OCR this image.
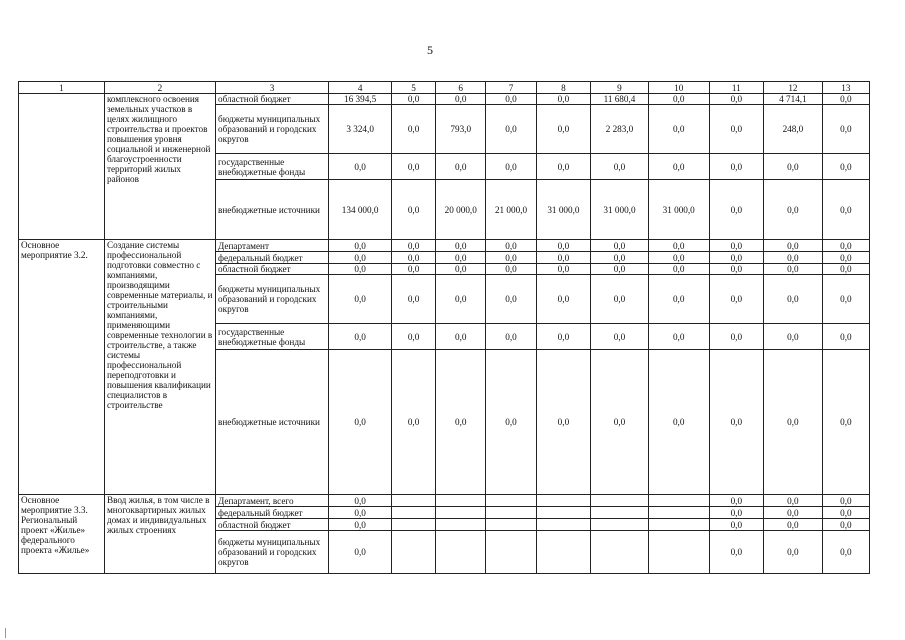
5
1	2	3	4	5	6	7	8	9	10	11	12	13
	комплексного освоения земельных участков в целях жилищного строительства и проектов повышения уровня социальной и инженерной благоустроенности территорий жилых районов	областной бюджет	16 394,5	0,0	0,0	0,0	0,0	11 680,4	0,0	0,0	4 714,1	0,0
		бюджеты муниципальных образований и городских округов	3 324,0	0,0	793,0	0,0	0,0	2 283,0	0,0	0,0	248,0	0,0
		государственные внебюджетные фонды	0,0	0,0	0,0	0,0	0,0	0,0	0,0	0,0	0,0	0,0
		внебюджетные источники	134 000,0	0,0	20 000,0	21 000,0	31 000,0	31 000,0	31 000,0	0,0	0,0	0,0
Основное мероприятие 3.2.	Создание системы профессиональной подготовки совместно с компаниями, производящими современные материалы, и строительными компаниями, применяющими современные технологии в строительстве, а также системы профессиональной переподготовки и повышения квалификации специалистов в строительстве	Департамент	0,0	0,0	0,0	0,0	0,0	0,0	0,0	0,0	0,0	0,0
		федеральный бюджет	0,0	0,0	0,0	0,0	0,0	0,0	0,0	0,0	0,0	0,0
		областной бюджет	0,0	0,0	0,0	0,0	0,0	0,0	0,0	0,0	0,0	0,0
		бюджеты муниципальных образований и городских округов	0,0	0,0	0,0	0,0	0,0	0,0	0,0	0,0	0,0	0,0
		государственные внебюджетные фонды	0,0	0,0	0,0	0,0	0,0	0,0	0,0	0,0	0,0	0,0
		внебюджетные источники	0,0	0,0	0,0	0,0	0,0	0,0	0,0	0,0	0,0	0,0
Основное мероприятие 3.3. Региональный проект «Жилье» федерального проекта «Жилье»	Ввод жилья, в том числе в многоквартирных жилых домах и индивидуальных жилых строениях	Департамент, всего	0,0							0,0	0,0	0,0
		федеральный бюджет	0,0							0,0	0,0	0,0
		областной бюджет	0,0							0,0	0,0	0,0
		бюджеты муниципальных образований и городских округов	0,0							0,0	0,0	0,0
